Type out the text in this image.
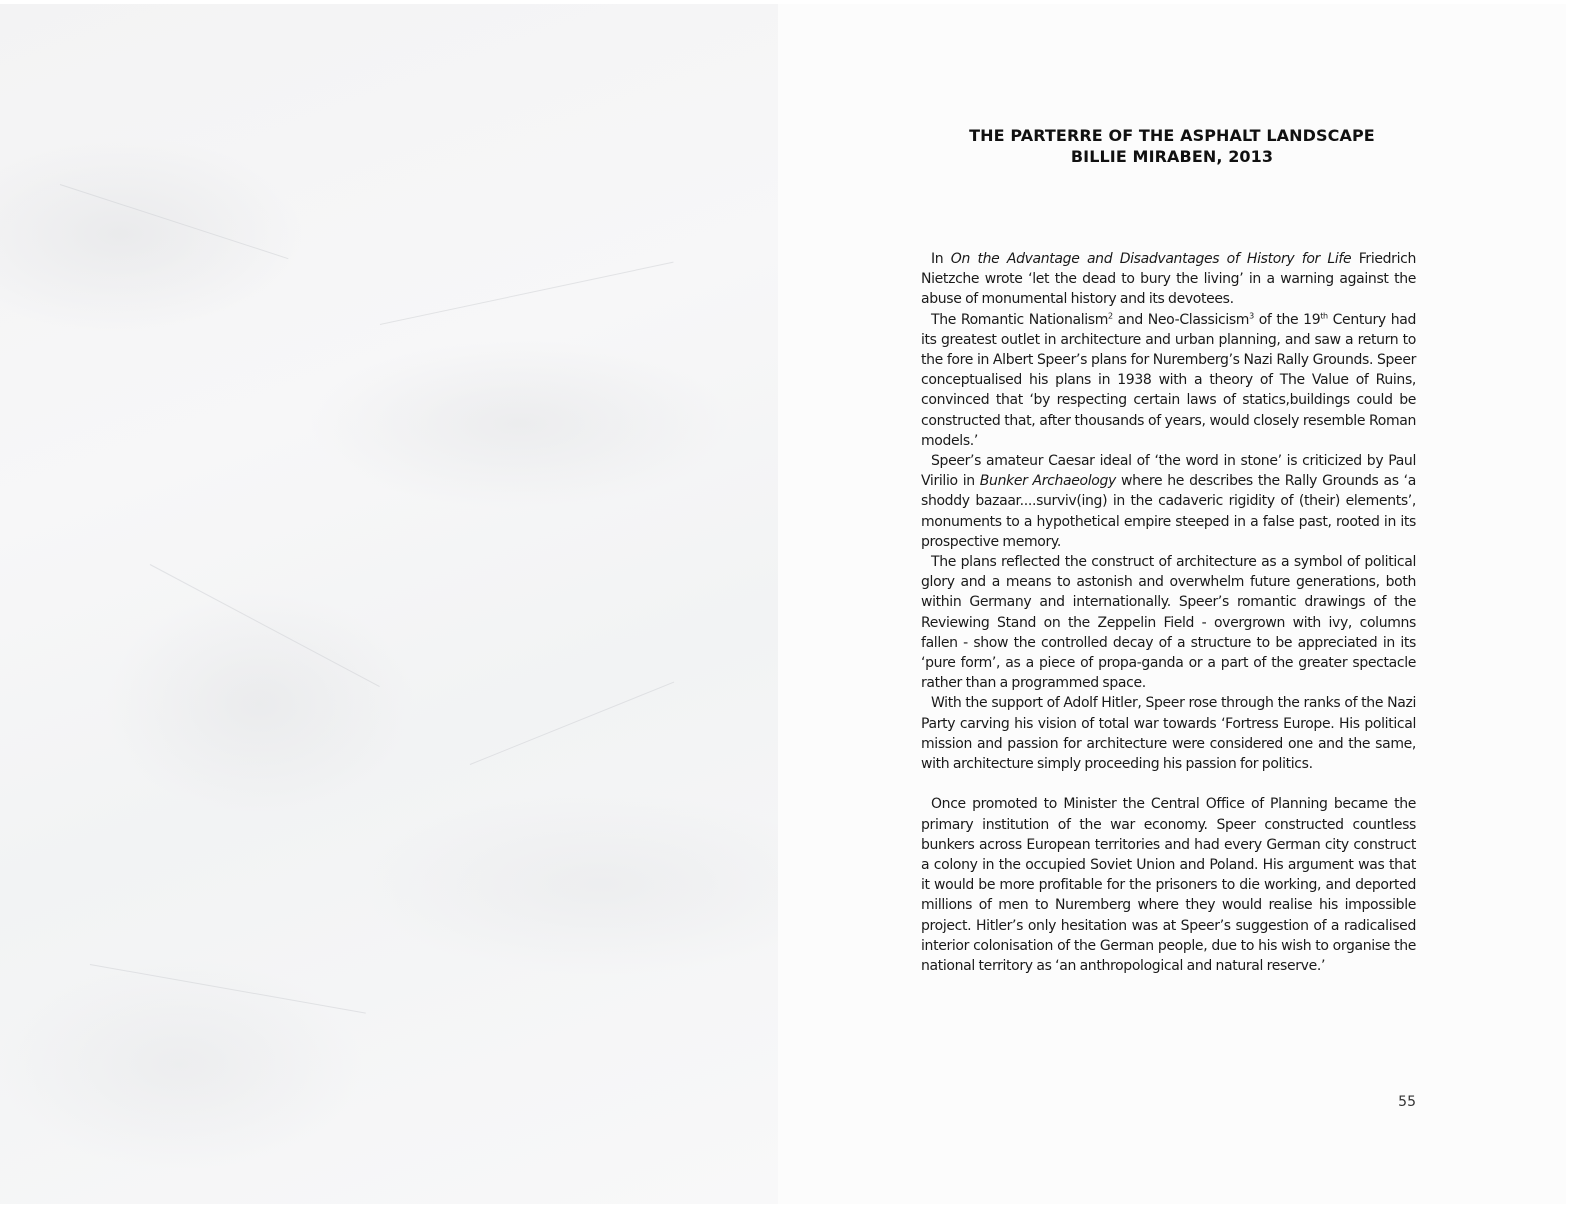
THE PARTERRE OF THE ASPHALT LANDSCAPE
BILLIE MIRABEN, 2013

In On the Advantage and Disadvantages of History for Life Friedrich Nietzche wrote ‘let the dead to bury the living’ in a warning against the abuse of monumental history and its devotees.

The Romantic Nationalism$^2$ and Neo-Classicism$^3$ of the 19th Century had its greatest outlet in architecture and urban planning, and saw a return to the fore in Albert Speer’s plans for Nuremberg’s Nazi Rally Grounds. Speer conceptualised his plans in 1938 with a theory of The Value of Ruins, convinced that ‘by respecting certain laws of statics,buildings could be constructed that, after thousands of years, would closely resemble Roman models.’

Speer’s amateur Caesar ideal of ‘the word in stone’ is criticized by Paul Virilio in Bunker Archaeology where he describes the Rally Grounds as ‘a shoddy bazaar....surviv(ing) in the cadaveric rigidity of (their) elements’, monuments to a hypothetical empire steeped in a false past, rooted in its prospective memory.

The plans reflected the construct of architecture as a symbol of political glory and a means to astonish and overwhelm future generations, both within Germany and internationally. Speer’s romantic drawings of the Reviewing Stand on the Zeppelin Field - overgrown with ivy, columns fallen - show the controlled decay of a structure to be appreciated in its ‘pure form’, as a piece of propa-ganda or a part of the greater spectacle rather than a programmed space.

With the support of Adolf Hitler, Speer rose through the ranks of the Nazi Party carving his vision of total war towards ‘Fortress Europe. His political mission and passion for architecture were considered one and the same, with architecture simply proceeding his passion for politics.

Once promoted to Minister the Central Office of Planning became the primary institution of the war economy. Speer constructed countless bunkers across European territories and had every German city construct a colony in the occupied Soviet Union and Poland. His argument was that it would be more profitable for the prisoners to die working, and deported millions of men to Nuremberg where they would realise his impossible project. Hitler’s only hesitation was at Speer’s suggestion of a radicalised interior colonisation of the German people, due to his wish to organise the national territory as ‘an anthropological and natural reserve.’

55
